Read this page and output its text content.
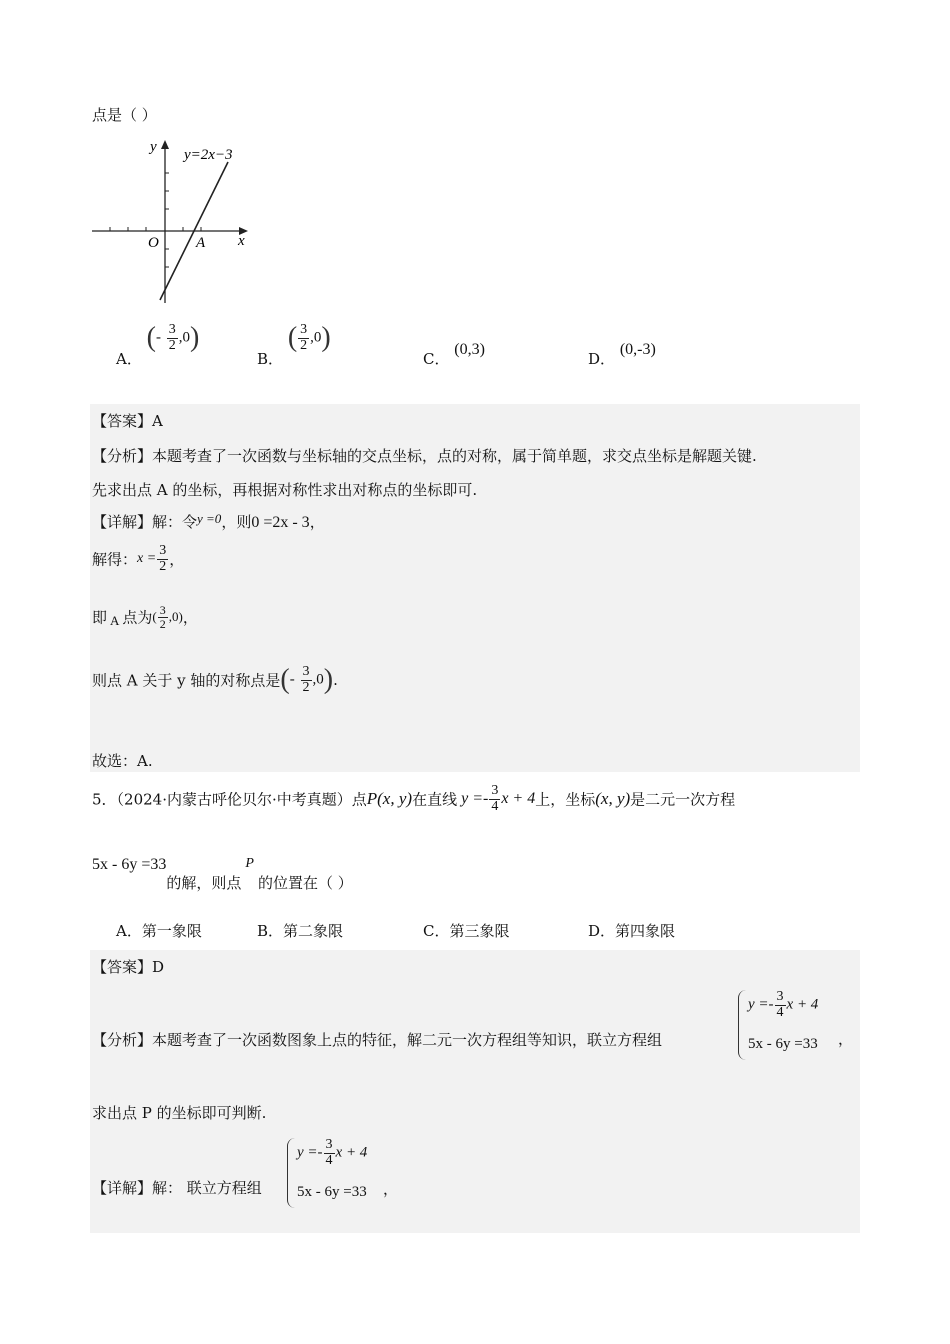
点是（ ）
y
x
O A
y=2x−3
A． (- $\frac{3}{2} ,0$)
B． ( $\frac{3}{2} ,0$)
C． (0,3)
D． (0,-3)
【答案】A
【分析】本题考查了一次函数与坐标轴的交点坐标，点的对称，属于简单题，求交点坐标是解题关键.
先求出点 A 的坐标，再根据对称性求出对称点的坐标即可.
【详解】解：令y =0，则0 =2x - 3，
解得：$x = \frac{3}{2}$ ，
即 A 点为( $\frac{3}{2} ,0$)，
则点 A 关于 y 轴的对称点是(- $\frac{3}{2} ,0$).
故选：A.
5．（2024·内蒙古呼伦贝尔·中考真题）点P(x, y)在直线 $y =- \frac{3}{4}$ x + 4上，坐标(x, y)是二元一次方程
5x - 6y =33的解，则点P的位置在（ ）
A．第一象限	B．第二象限	C．第三象限	D．第四象限
【答案】D
【分析】本题考查了一次函数图象上点的特征，解二元一次方程组等知识，联立方程组
$y =- \frac{3}{4}$ x + 4
5x - 6y =33 ，
求出点 P 的坐标即可判断.
【详解】解： 联立方程组
$y =- \frac{3}{4}$ x + 4
5x - 6y =33 ，
